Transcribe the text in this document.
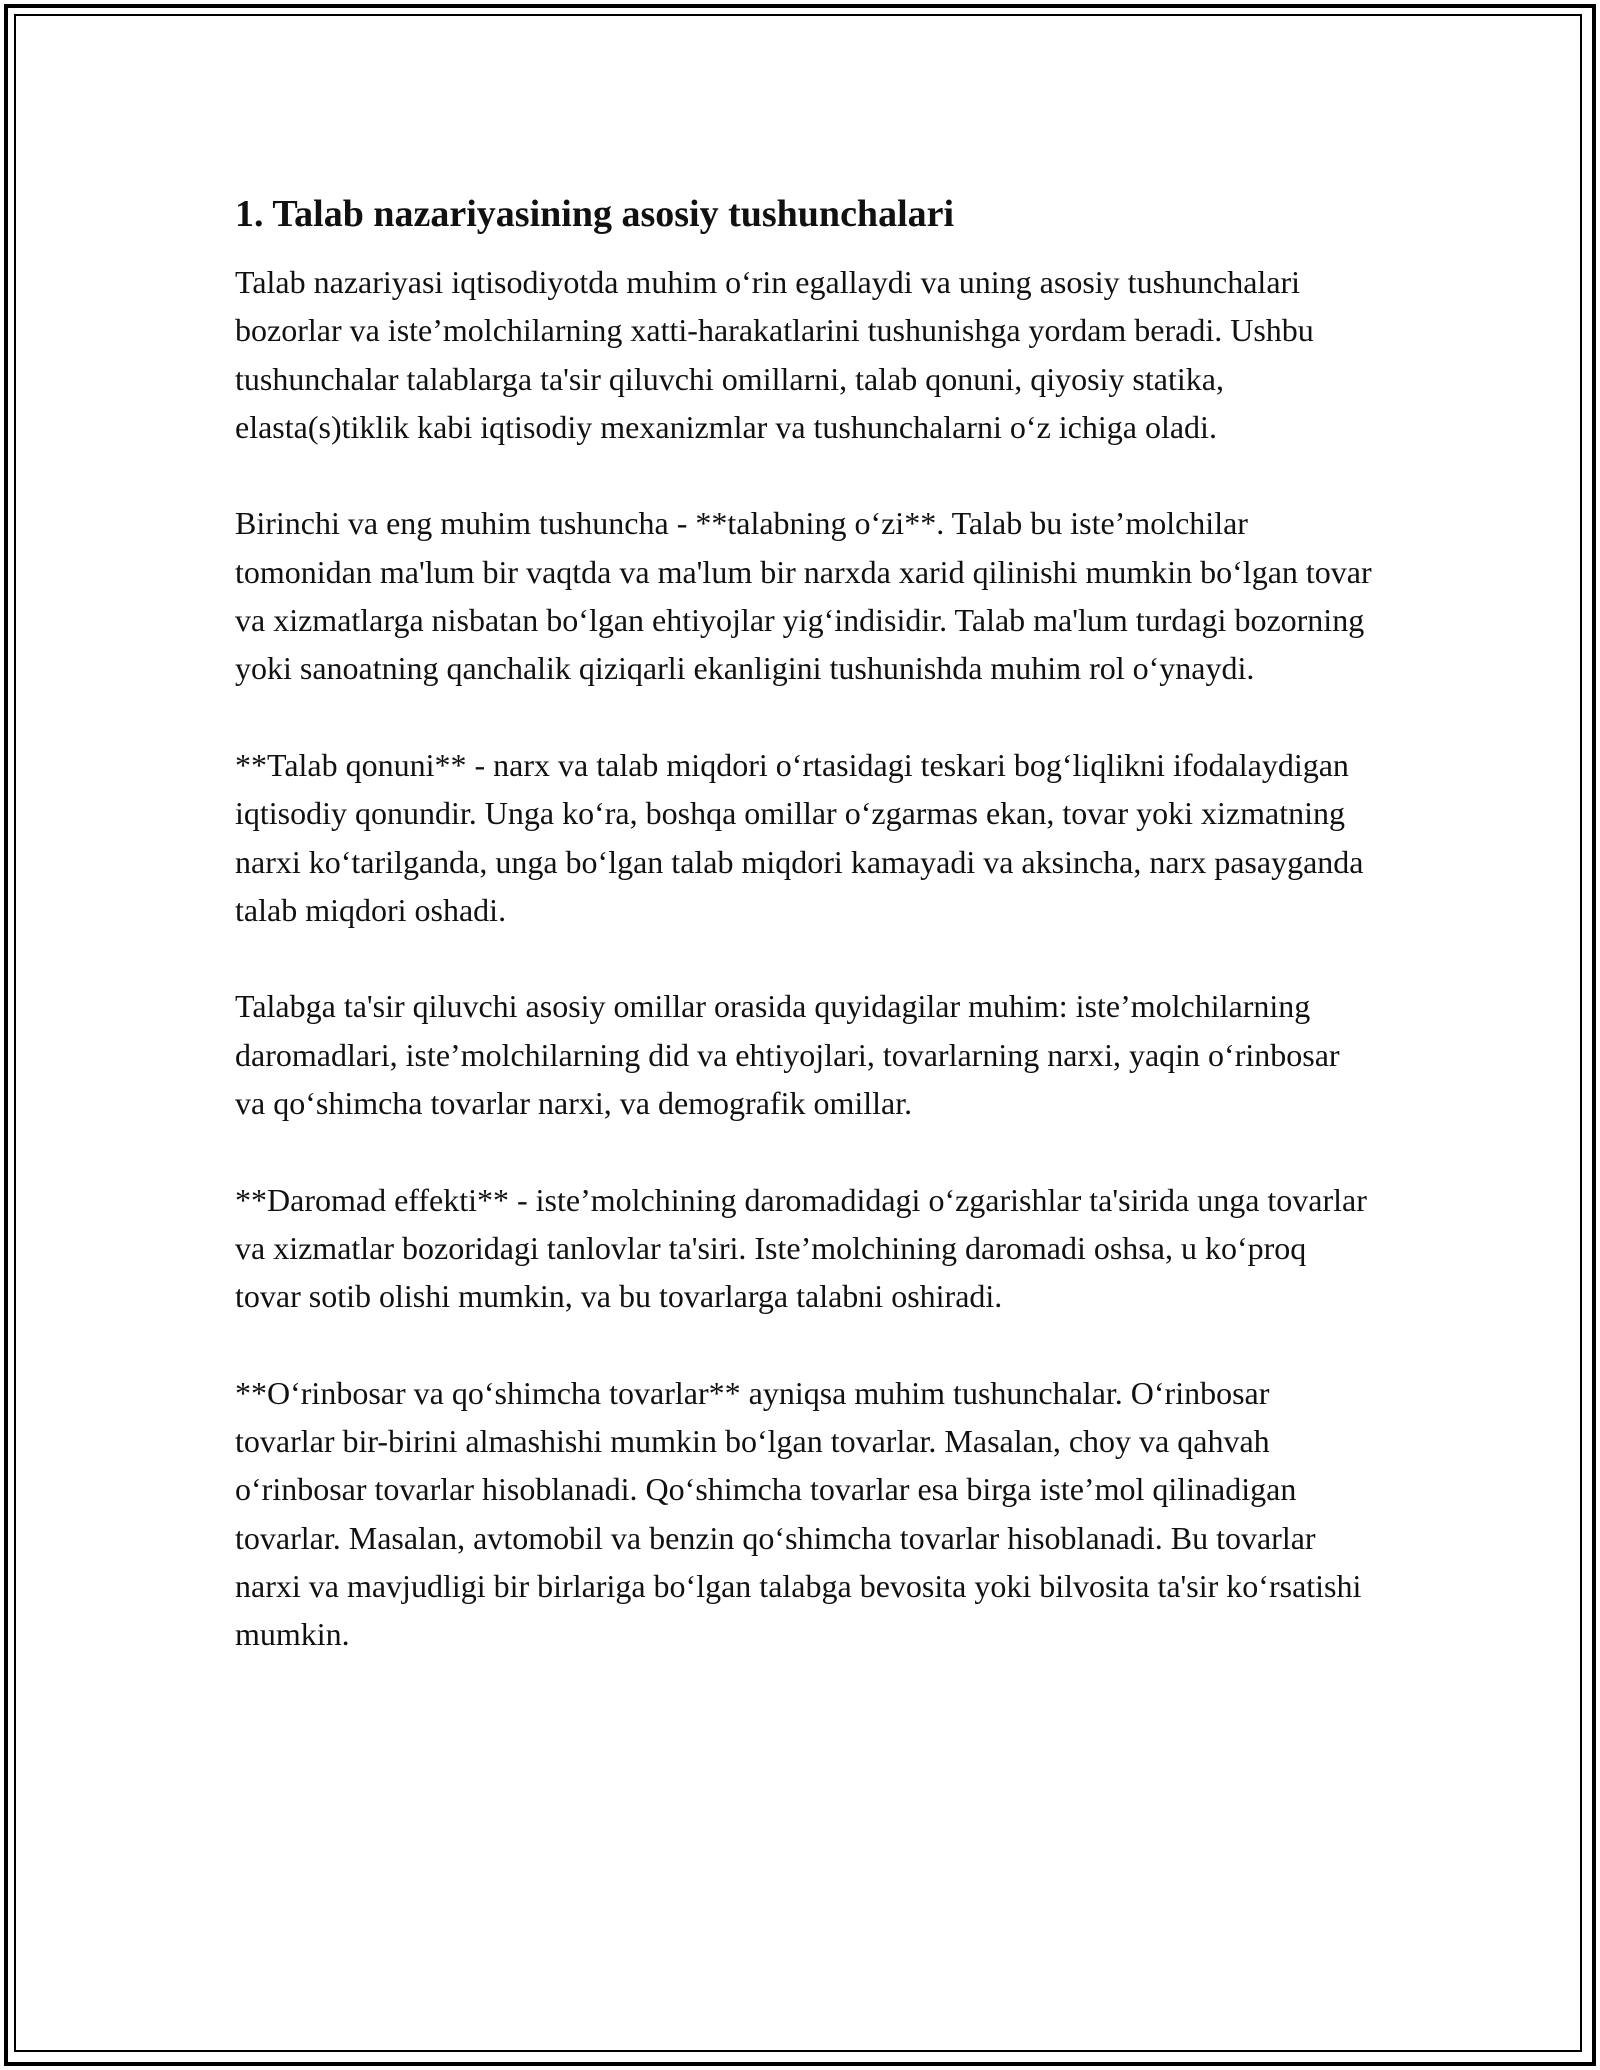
1. Talab nazariyasining asosiy tushunchalari

Talab nazariyasi iqtisodiyotda muhim o‘rin egallaydi va uning asosiy tushunchalari bozorlar va iste’molchilarning xatti-harakatlarini tushunishga yordam beradi. Ushbu tushunchalar talablarga ta'sir qiluvchi omillarni, talab qonuni, qiyosiy statika, elasta(s)tiklik kabi iqtisodiy mexanizmlar va tushunchalarni o‘z ichiga oladi.

Birinchi va eng muhim tushuncha - **talabning o‘zi**. Talab bu iste’molchilar tomonidan ma'lum bir vaqtda va ma'lum bir narxda xarid qilinishi mumkin bo‘lgan tovar va xizmatlarga nisbatan bo‘lgan ehtiyojlar yig‘indisidir. Talab ma'lum turdagi bozorning yoki sanoatning qanchalik qiziqarli ekanligini tushunishda muhim rol o‘ynaydi.

**Talab qonuni** - narx va talab miqdori o‘rtasidagi teskari bog‘liqlikni ifodalaydigan iqtisodiy qonundir. Unga ko‘ra, boshqa omillar o‘zgarmas ekan, tovar yoki xizmatning narxi ko‘tarilganda, unga bo‘lgan talab miqdori kamayadi va aksincha, narx pasayganda talab miqdori oshadi.

Talabga ta'sir qiluvchi asosiy omillar orasida quyidagilar muhim: iste’molchilarning daromadlari, iste’molchilarning did va ehtiyojlari, tovarlarning narxi, yaqin o‘rinbosar va qo‘shimcha tovarlar narxi, va demografik omillar.

**Daromad effekti** - iste’molchining daromadidagi o‘zgarishlar ta'sirida unga tovarlar va xizmatlar bozoridagi tanlovlar ta'siri. Iste’molchining daromadi oshsa, u ko‘proq tovar sotib olishi mumkin, va bu tovarlarga talabni oshiradi.

**O‘rinbosar va qo‘shimcha tovarlar** ayniqsa muhim tushunchalar. O‘rinbosar tovarlar bir-birini almashishi mumkin bo‘lgan tovarlar. Masalan, choy va qahvah o‘rinbosar tovarlar hisoblanadi. Qo‘shimcha tovarlar esa birga iste’mol qilinadigan tovarlar. Masalan, avtomobil va benzin qo‘shimcha tovarlar hisoblanadi. Bu tovarlar narxi va mavjudligi bir birlariga bo‘lgan talabga bevosita yoki bilvosita ta'sir ko‘rsatishi mumkin.
